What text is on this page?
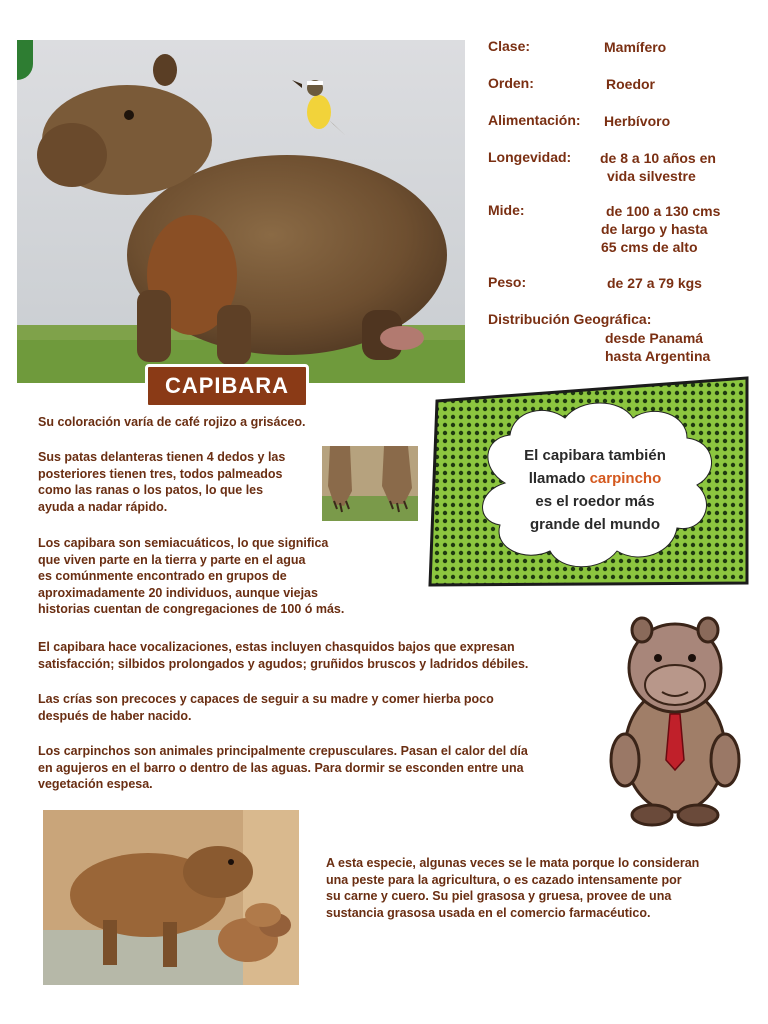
CAPIBARA
Clase:	Mamífero
Orden:	Roedor
Alimentación: Herbívoro
Longevidad: de 8 a 10 años en
vida silvestre
Mide:	de 100 a 130 cms
de largo y hasta
65 cms de alto
Peso:	de 27 a 79 kgs
Distribución Geográfica:
desde Panamá
hasta Argentina
El capibara también
llamado carpincho
es el roedor más
grande del mundo

Su coloración varía de café rojizo a grisáceo.

Sus patas delanteras tienen 4 dedos y las

posteriores tienen tres, todos palmeados

como las ranas o los patos, lo que les

ayuda a nadar rápido.

Los capibara son semiacuáticos, lo que significa

que viven parte en la tierra y parte en el agua

es comúnmente encontrado en grupos de

aproximadamente 20 individuos, aunque viejas

historias cuentan de congregaciones de 100 ó más.

El capibara hace vocalizaciones, estas incluyen chasquidos bajos que expresan

satisfacción; silbidos prolongados y agudos; gruñidos bruscos y ladridos débiles.

Las crías son precoces y capaces de seguir a su madre y comer hierba poco

después de haber nacido.

Los carpinchos son animales principalmente crepusculares. Pasan el calor del día

en agujeros en el barro o dentro de las aguas. Para dormir se esconden entre una

vegetación espesa.

A esta especie, algunas veces se le mata porque lo consideran

una peste para la agricultura, o es cazado intensamente por

su carne y cuero. Su piel grasosa y gruesa, provee de una

sustancia grasosa usada en el comercio farmacéutico.
